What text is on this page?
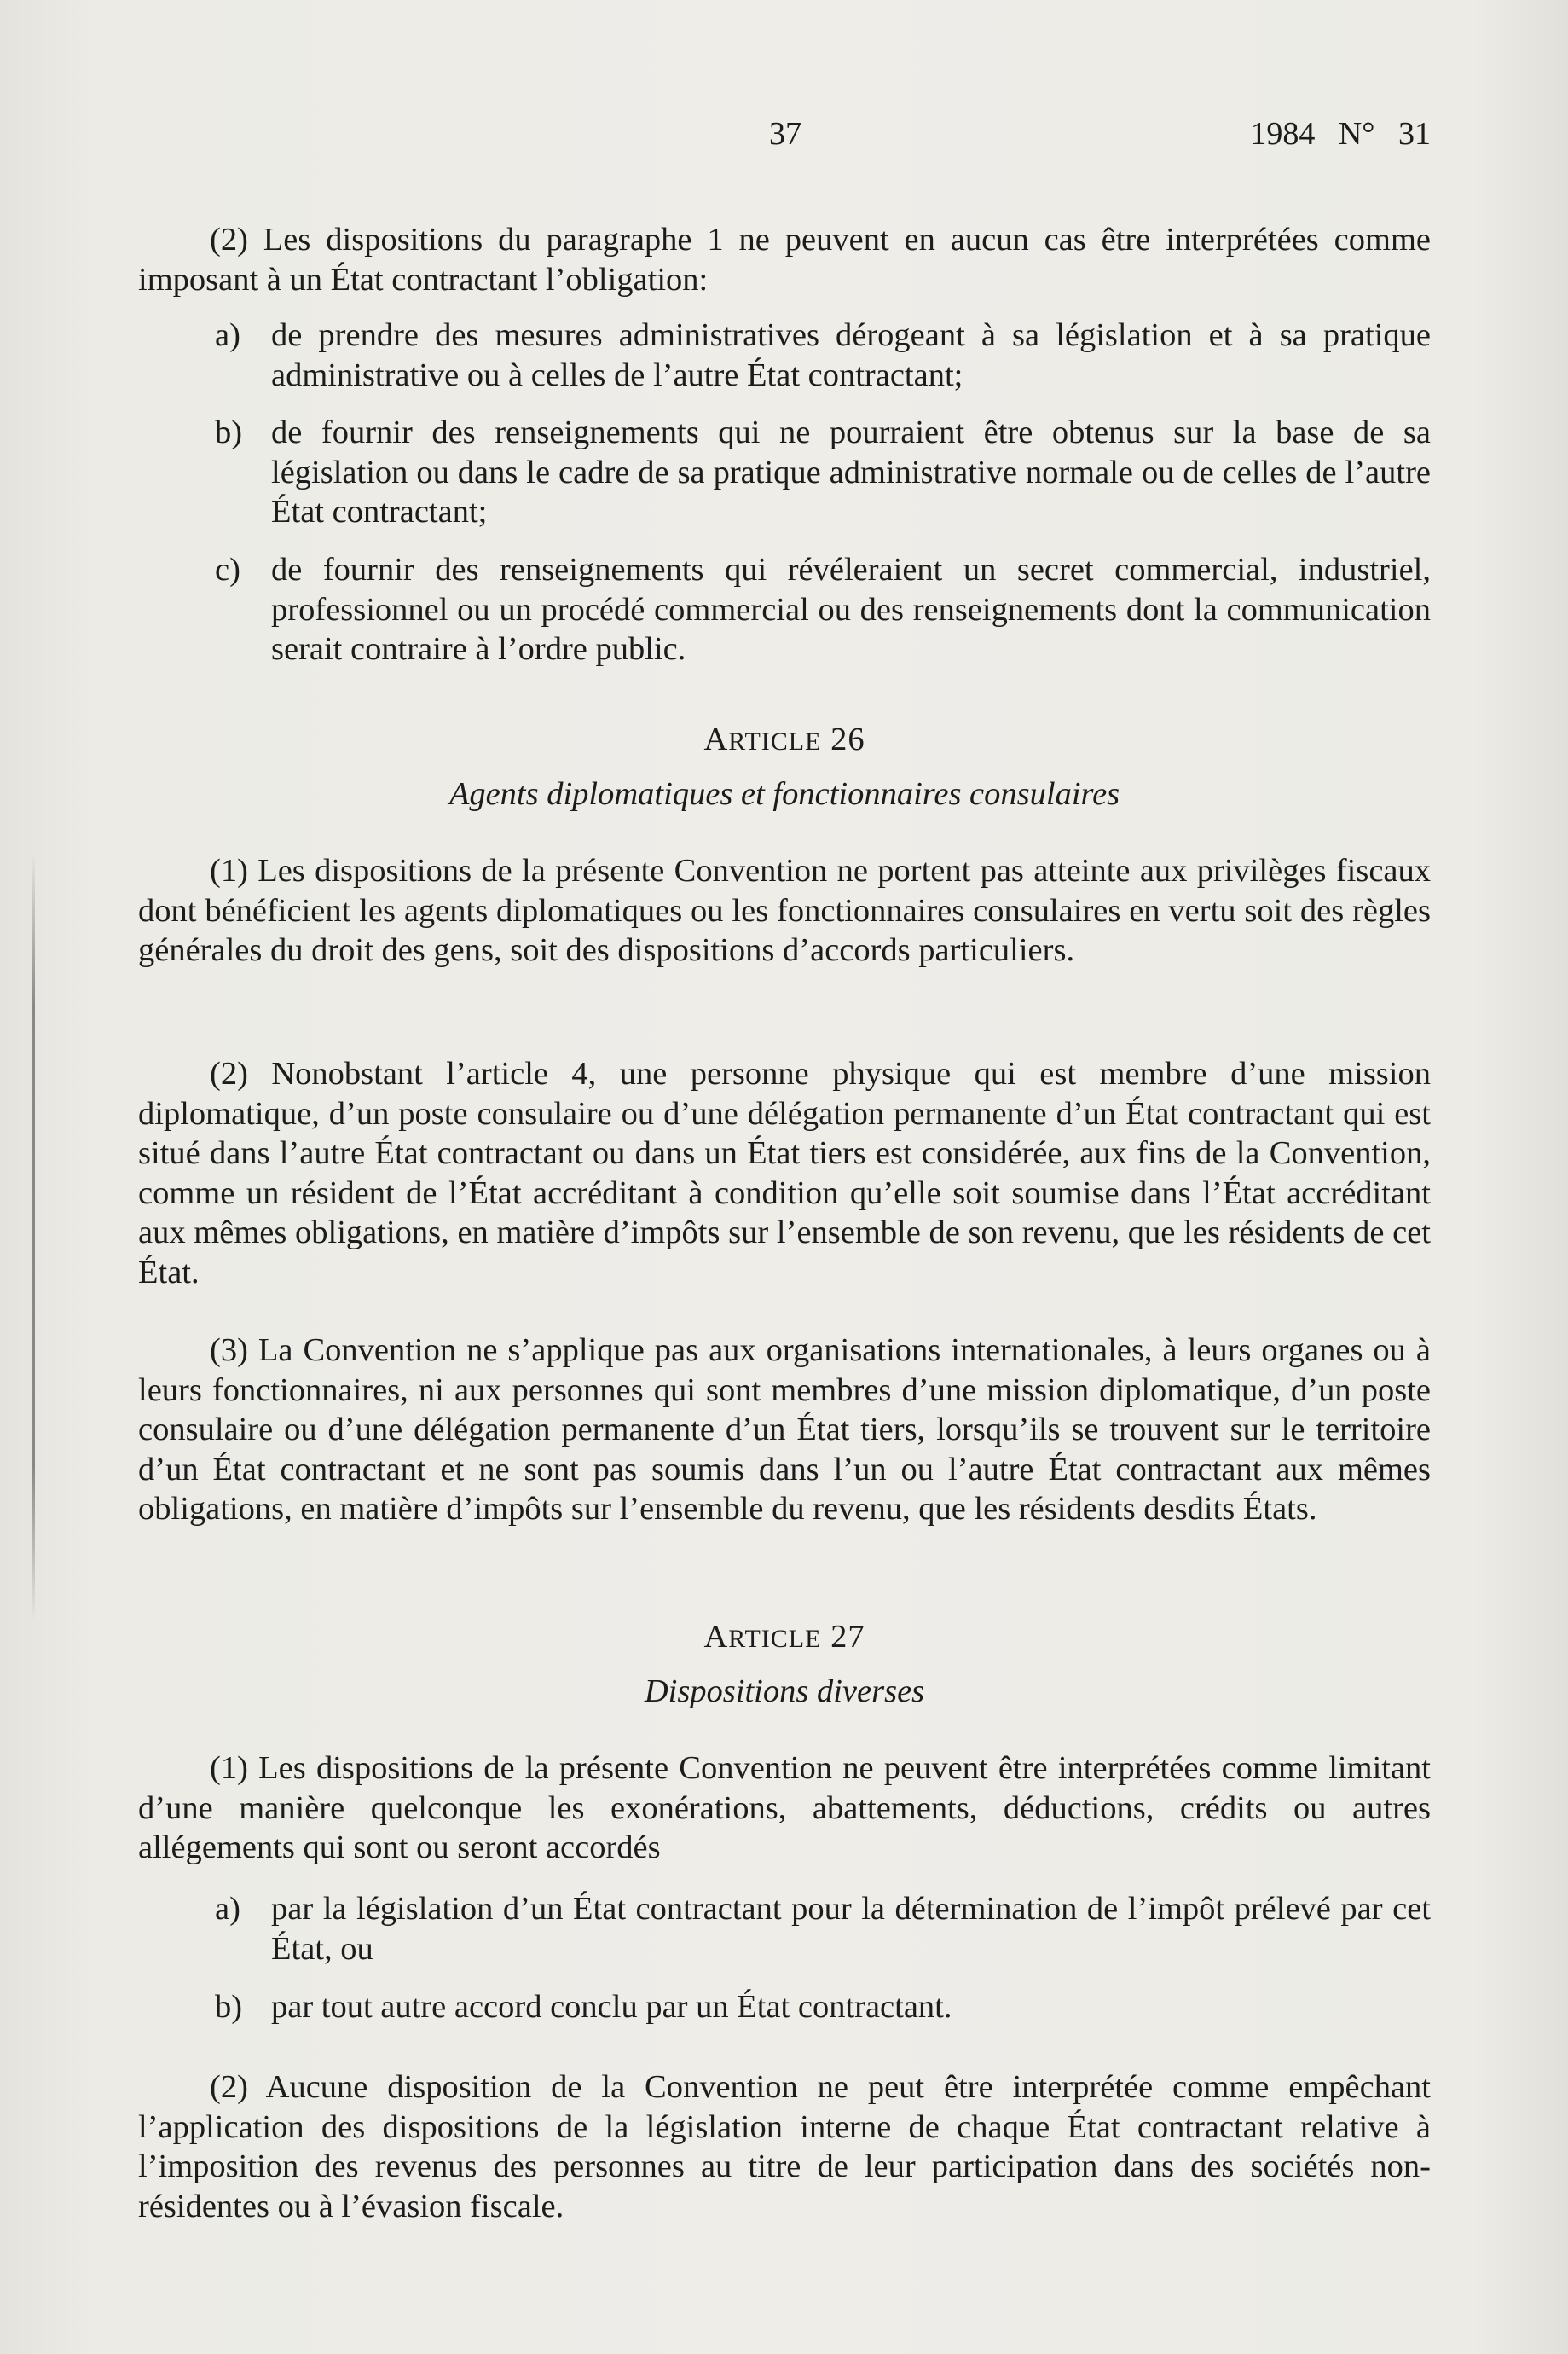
37	1984 N° 31

(2) Les dispositions du paragraphe 1 ne peuvent en aucun cas être interprétées comme imposant à un État contractant l’obligation:

a) de prendre des mesures administratives dérogeant à sa législation et à sa pratique administrative ou à celles de l’autre État contractant;

b) de fournir des renseignements qui ne pourraient être obtenus sur la base de sa législation ou dans le cadre de sa pratique administrative normale ou de celles de l’autre État contractant;

c) de fournir des renseignements qui révéleraient un secret commercial, industriel, professionnel ou un procédé commercial ou des renseignements dont la communication serait contraire à l’ordre public.

ARTICLE 26
Agents diplomatiques et fonctionnaires consulaires

(1) Les dispositions de la présente Convention ne portent pas atteinte aux privilèges fiscaux dont bénéficient les agents diplomatiques ou les fonctionnaires consulaires en vertu soit des règles générales du droit des gens, soit des dispositions d’accords particuliers.

(2) Nonobstant l’article 4, une personne physique qui est membre d’une mission diplomatique, d’un poste consulaire ou d’une délégation permanente d’un État contractant qui est situé dans l’autre État contractant ou dans un État tiers est considérée, aux fins de la Convention, comme un résident de l’État accréditant à condition qu’elle soit soumise dans l’État accréditant aux mêmes obligations, en matière d’impôts sur l’ensemble de son revenu, que les résidents de cet État.

(3) La Convention ne s’applique pas aux organisations internationales, à leurs organes ou à leurs fonctionnaires, ni aux personnes qui sont membres d’une mission diplomatique, d’un poste consulaire ou d’une délégation permanente d’un État tiers, lorsqu’ils se trouvent sur le territoire d’un État contractant et ne sont pas soumis dans l’un ou l’autre État contractant aux mêmes obligations, en matière d’impôts sur l’ensemble du revenu, que les résidents desdits États.

ARTICLE 27
Dispositions diverses

(1) Les dispositions de la présente Convention ne peuvent être interprétées comme limitant d’une manière quelconque les exonérations, abattements, déductions, crédits ou autres allégements qui sont ou seront accordés

a) par la législation d’un État contractant pour la détermination de l’impôt prélevé par cet État, ou

b) par tout autre accord conclu par un État contractant.

(2) Aucune disposition de la Convention ne peut être interprétée comme empêchant l’application des dispositions de la législation interne de chaque État contractant relative à l’imposition des revenus des personnes au titre de leur participation dans des sociétés non-résidentes ou à l’évasion fiscale.
